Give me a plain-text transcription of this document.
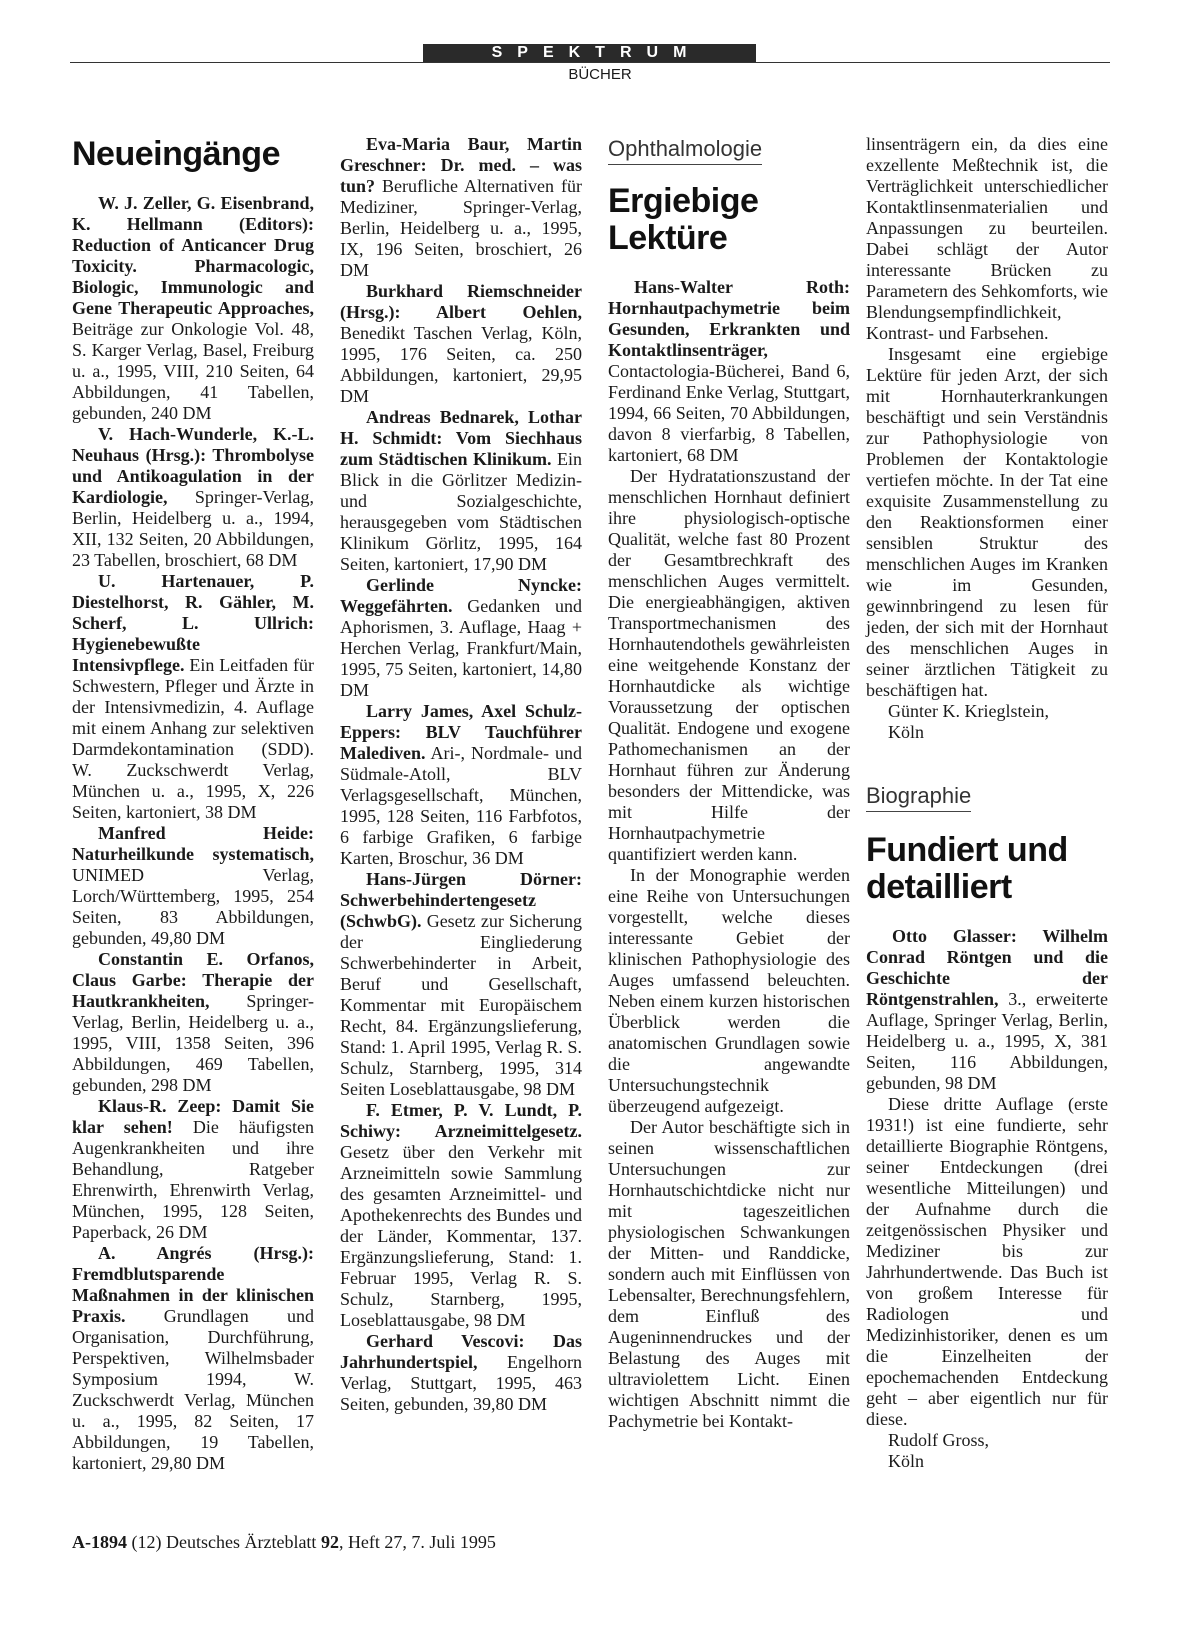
SPEKTRUM
BÜCHER
Neueingänge

W. J. Zeller, G. Eisenbrand, K. Hellmann (Editors): Reduction of Anticancer Drug Toxicity. Pharmacologic, Biologic, Immunologic and Gene Therapeutic Approaches, Beiträge zur Onkologie Vol. 48, S. Karger Verlag, Basel, Freiburg u. a., 1995, VIII, 210 Seiten, 64 Abbildungen, 41 Tabellen, gebunden, 240 DM

V. Hach-Wunderle, K.-L. Neuhaus (Hrsg.): Thrombolyse und Antikoagulation in der Kardiologie, Springer-Verlag, Berlin, Heidelberg u. a., 1994, XII, 132 Seiten, 20 Abbildungen, 23 Tabellen, broschiert, 68 DM

U. Hartenauer, P. Diestelhorst, R. Gähler, M. Scherf, L. Ullrich: Hygienebewußte Intensivpflege. Ein Leitfaden für Schwestern, Pfleger und Ärzte in der Intensivmedizin, 4. Auflage mit einem Anhang zur selektiven Darmdekontamination (SDD). W. Zuckschwerdt Verlag, München u. a., 1995, X, 226 Seiten, kartoniert, 38 DM

Manfred Heide: Naturheilkunde systematisch, UNIMED Verlag, Lorch/Württemberg, 1995, 254 Seiten, 83 Abbildungen, gebunden, 49,80 DM

Constantin E. Orfanos, Claus Garbe: Therapie der Hautkrankheiten, Springer-Verlag, Berlin, Heidelberg u. a., 1995, VIII, 1358 Seiten, 396 Abbildungen, 469 Tabellen, gebunden, 298 DM

Klaus-R. Zeep: Damit Sie klar sehen! Die häufigsten Augenkrankheiten und ihre Behandlung, Ratgeber Ehrenwirth, Ehrenwirth Verlag, München, 1995, 128 Seiten, Paperback, 26 DM

A. Angrés (Hrsg.): Fremdblutsparende Maßnahmen in der klinischen Praxis. Grundlagen und Organisation, Durchführung, Perspektiven, Wilhelmsbader Symposium 1994, W. Zuckschwerdt Verlag, München u. a., 1995, 82 Seiten, 17 Abbildungen, 19 Tabellen, kartoniert, 29,80 DM

Eva-Maria Baur, Martin Greschner: Dr. med. – was tun? Berufliche Alternativen für Mediziner, Springer-Verlag, Berlin, Heidelberg u. a., 1995, IX, 196 Seiten, broschiert, 26 DM

Burkhard Riemschneider (Hrsg.): Albert Oehlen, Benedikt Taschen Verlag, Köln, 1995, 176 Seiten, ca. 250 Abbildungen, kartoniert, 29,95 DM

Andreas Bednarek, Lothar H. Schmidt: Vom Siechhaus zum Städtischen Klinikum. Ein Blick in die Görlitzer Medizin- und Sozialgeschichte, herausgegeben vom Städtischen Klinikum Görlitz, 1995, 164 Seiten, kartoniert, 17,90 DM

Gerlinde Nyncke: Weggefährten. Gedanken und Aphorismen, 3. Auflage, Haag + Herchen Verlag, Frankfurt/Main, 1995, 75 Seiten, kartoniert, 14,80 DM

Larry James, Axel Schulz-Eppers: BLV Tauchführer Malediven. Ari-, Nordmale- und Südmale-Atoll, BLV Verlagsgesellschaft, München, 1995, 128 Seiten, 116 Farbfotos, 6 farbige Grafiken, 6 farbige Karten, Broschur, 36 DM

Hans-Jürgen Dörner: Schwerbehindertengesetz (SchwbG). Gesetz zur Sicherung der Eingliederung Schwerbehinderter in Arbeit, Beruf und Gesellschaft, Kommentar mit Europäischem Recht, 84. Ergänzungslieferung, Stand: 1. April 1995, Verlag R. S. Schulz, Starnberg, 1995, 314 Seiten Loseblattausgabe, 98 DM

F. Etmer, P. V. Lundt, P. Schiwy: Arzneimittelgesetz. Gesetz über den Verkehr mit Arzneimitteln sowie Sammlung des gesamten Arzneimittel- und Apothekenrechts des Bundes und der Länder, Kommentar, 137. Ergänzungslieferung, Stand: 1. Februar 1995, Verlag R. S. Schulz, Starnberg, 1995, Loseblattausgabe, 98 DM

Gerhard Vescovi: Das Jahrhundertspiel, Engelhorn Verlag, Stuttgart, 1995, 463 Seiten, gebunden, 39,80 DM

Ophthalmologie
Ergiebige Lektüre

Hans-Walter Roth: Hornhautpachymetrie beim Gesunden, Erkrankten und Kontaktlinsenträger, Contactologia-Bücherei, Band 6, Ferdinand Enke Verlag, Stuttgart, 1994, 66 Seiten, 70 Abbildungen, davon 8 vierfarbig, 8 Tabellen, kartoniert, 68 DM

Der Hydratationszustand der menschlichen Hornhaut definiert ihre physiologisch-optische Qualität, welche fast 80 Prozent der Gesamtbrechkraft des menschlichen Auges vermittelt. Die energieabhängigen, aktiven Transportmechanismen des Hornhautendothels gewährleisten eine weitgehende Konstanz der Hornhautdicke als wichtige Voraussetzung der optischen Qualität. Endogene und exogene Pathomechanismen an der Hornhaut führen zur Änderung besonders der Mittendicke, was mit Hilfe der Hornhautpachymetrie quantifiziert werden kann.

In der Monographie werden eine Reihe von Untersuchungen vorgestellt, welche dieses interessante Gebiet der klinischen Pathophysiologie des Auges umfassend beleuchten. Neben einem kurzen historischen Überblick werden die anatomischen Grundlagen sowie die angewandte Untersuchungstechnik überzeugend aufgezeigt.

Der Autor beschäftigte sich in seinen wissenschaftlichen Untersuchungen zur Hornhautschichtdicke nicht nur mit tageszeitlichen physiologischen Schwankungen der Mitten- und Randdicke, sondern auch mit Einflüssen von Lebensalter, Berechnungsfehlern, dem Einfluß des Augeninnendruckes und der Belastung des Auges mit ultraviolettem Licht. Einen wichtigen Abschnitt nimmt die Pachymetrie bei Kontakt-

linsenträgern ein, da dies eine exzellente Meßtechnik ist, die Verträglichkeit unterschiedlicher Kontaktlinsenmaterialien und Anpassungen zu beurteilen. Dabei schlägt der Autor interessante Brücken zu Parametern des Sehkomforts, wie Blendungsempfindlichkeit, Kontrast- und Farbsehen.

Insgesamt eine ergiebige Lektüre für jeden Arzt, der sich mit Hornhauterkrankungen beschäftigt und sein Verständnis zur Pathophysiologie von Problemen der Kontaktologie vertiefen möchte. In der Tat eine exquisite Zusammenstellung zu den Reaktionsformen einer sensiblen Struktur des menschlichen Auges im Kranken wie im Gesunden, gewinnbringend zu lesen für jeden, der sich mit der Hornhaut des menschlichen Auges in seiner ärztlichen Tätigkeit zu beschäftigen hat.

Günter K. Krieglstein,
Köln

Biographie
Fundiert und detailliert

Otto Glasser: Wilhelm Conrad Röntgen und die Geschichte der Röntgenstrahlen, 3., erweiterte Auflage, Springer Verlag, Berlin, Heidelberg u. a., 1995, X, 381 Seiten, 116 Abbildungen, gebunden, 98 DM

Diese dritte Auflage (erste 1931!) ist eine fundierte, sehr detaillierte Biographie Röntgens, seiner Entdeckungen (drei wesentliche Mitteilungen) und der Aufnahme durch die zeitgenössischen Physiker und Mediziner bis zur Jahrhundertwende. Das Buch ist von großem Interesse für Radiologen und Medizinhistoriker, denen es um die Einzelheiten der epochemachenden Entdeckung geht – aber eigentlich nur für diese.

Rudolf Gross,
Köln

A-1894 (12) Deutsches Ärzteblatt 92, Heft 27, 7. Juli 1995
